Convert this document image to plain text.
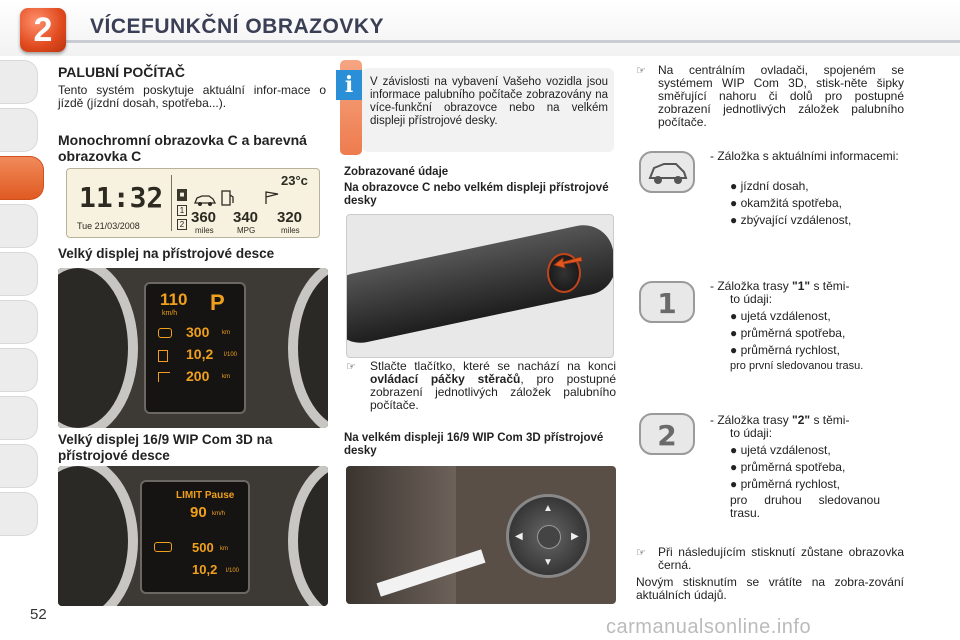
2	VÍCEFUNKČNÍ OBRAZOVKY
PALUBNÍ POČÍTAČ
Tento systém poskytuje aktuální infor-mace o jízdě (jízdní dosah, spotřeba...).
Monochromní obrazovka C a barevná obrazovka C
11:32
Tue 21/03/2008
■
1
2
23°c
360 340 320
miles	MPG	miles
Velký displej na přístrojové desce
110
km/h P
300 km
10,2 l/100
200 km
Velký displej 16/9 WIP Com 3D na přístrojové desce
LIMIT Pause
90 km/h
500 km
10,2 l/100
52
i	V závislosti na vybavení Vašeho vozidla jsou informace palubního počítače zobrazovány na více-funkční obrazovce nebo na velkém displeji přístrojové desky.
Zobrazované údaje
Na obrazovce C nebo velkém displeji přístrojové desky
☞ Stlačte tlačítko, které se nachází na konci ovládací páčky stěračů, pro postupné zobrazení jednotlivých záložek palubního počítače.
Na velkém displeji 16/9 WIP Com 3D přístrojové desky
▲
▼
◀	▶
☞ Na centrálním ovladači, spojeném se systémem WIP Com 3D, stisk-něte šipky směřující nahoru či dolů pro postupné zobrazení jednotlivých záložek palubního počítače.
- Záložka s aktuálními informacemi:
● jízdní dosah,
● okamžitá spotřeba,
● zbývající vzdálenost,
1
- Záložka trasy "1" s těmi-
to údaji:
● ujetá vzdálenost,
● průměrná spotřeba,
● průměrná rychlost,
pro první sledovanou trasu.
2	- Záložka trasy "2" s těmi-
to údaji:
● ujetá vzdálenost,
● průměrná spotřeba,
● průměrná rychlost,
pro druhou sledovanou trasu.
☞ Při následujícím stisknutí zůstane obrazovka černá.
Novým stisknutím se vrátíte na zobra-zování aktuálních údajů.
carmanualsonline.info
